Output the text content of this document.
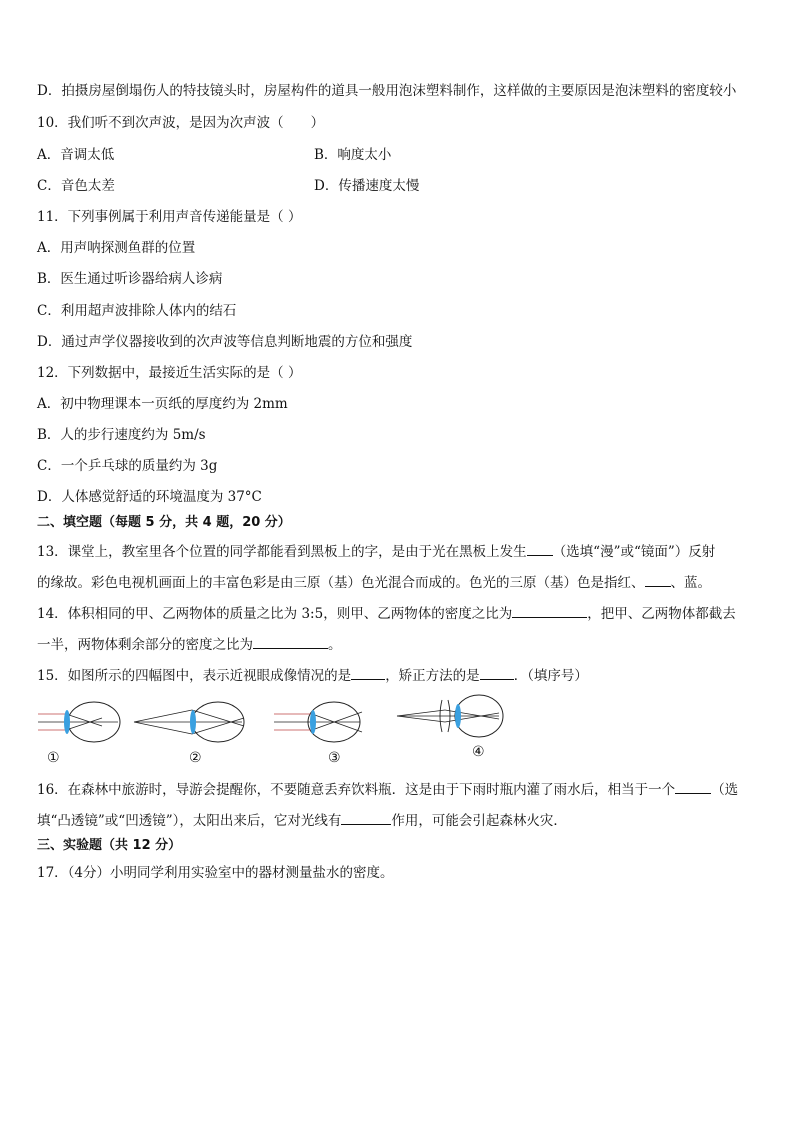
D．拍摄房屋倒塌伤人的特技镜头时，房屋构件的道具一般用泡沫塑料制作，这样做的主要原因是泡沫塑料的密度较小
10．我们听不到次声波，是因为次声波（　　）
A．音调太低	B．响度太小
C．音色太差	D．传播速度太慢
11．下列事例属于利用声音传递能量是（ ）
A．用声呐探测鱼群的位置
B．医生通过听诊器给病人诊病
C．利用超声波排除人体内的结石
D．通过声学仪器接收到的次声波等信息判断地震的方位和强度
12．下列数据中，最接近生活实际的是（ ）
A．初中物理课本一页纸的厚度约为 2mm
B．人的步行速度约为 5m/s
C．一个乒乓球的质量约为 3g
D．人体感觉舒适的环境温度为 37°C
二、填空题（每题 5 分，共 4 题，20 分）
13．课堂上，教室里各个位置的同学都能看到黑板上的字，是由于光在黑板上发生 （选填“漫”或“镜面”）反射
的缘故。彩色电视机画面上的丰富色彩是由三原（基）色光混合而成的。色光的三原（基）色是指红、 、蓝。
14．体积相同的甲、乙两物体的质量之比为 3:5，则甲、乙两物体的密度之比为	，把甲、乙两物体都截去
一半，两物体剩余部分的密度之比为	。
15．如图所示的四幅图中，表示近视眼成像情况的是	，矫正方法的是	．（填序号）
①	②	③	④
16．在森林中旅游时，导游会提醒你，不要随意丢弃饮料瓶．这是由于下雨时瓶内灌了雨水后，相当于一个	（选
填“凸透镜”或“凹透镜”），太阳出来后，它对光线有	作用，可能会引起森林火灾．
三、实验题（共 12 分）
17．（4分）小明同学利用实验室中的器材测量盐水的密度。
